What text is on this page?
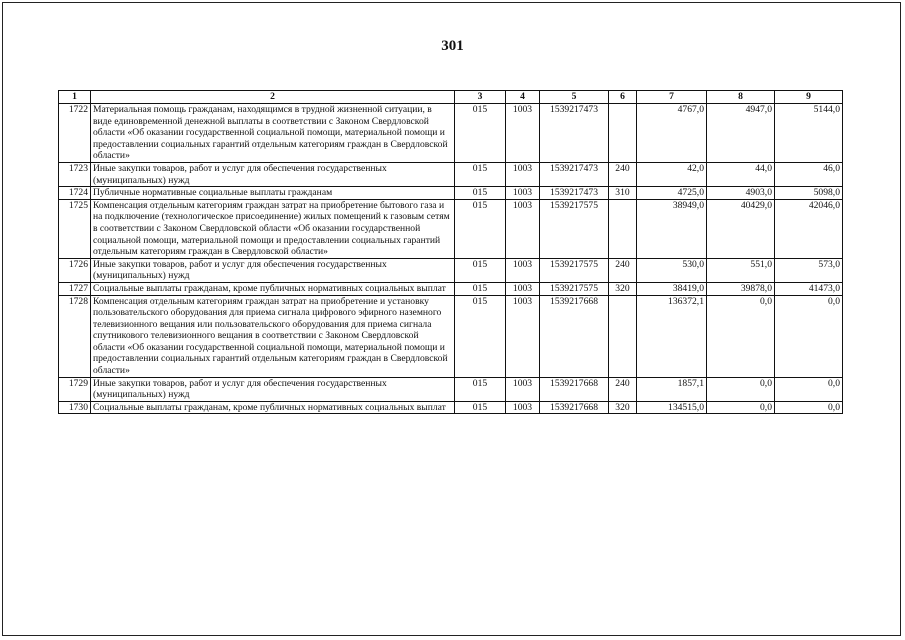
301
1	2	3	4	5	6	7	8	9
1722	Материальная помощь гражданам, находящимся в трудной жизненной ситуации, в виде единовременной денежной выплаты в соответствии с Законом Свердловской области «Об оказании государственной социальной помощи, материальной помощи и предоставлении социальных гарантий отдельным категориям граждан в Свердловской области»	015	1003	1539217473		4767,0	4947,0	5144,0
1723	Иные закупки товаров, работ и услуг для обеспечения государственных (муниципальных) нужд	015	1003	1539217473	240	42,0	44,0	46,0
1724	Публичные нормативные социальные выплаты гражданам	015	1003	1539217473	310	4725,0	4903,0	5098,0
1725	Компенсация отдельным категориям граждан затрат на приобретение бытового газа и на подключение (технологическое присоединение) жилых помещений к газовым сетям в соответствии с Законом Свердловской области «Об оказании государственной социальной помощи, материальной помощи и предоставлении социальных гарантий отдельным категориям граждан в Свердловской области»	015	1003	1539217575		38949,0	40429,0	42046,0
1726	Иные закупки товаров, работ и услуг для обеспечения государственных (муниципальных) нужд	015	1003	1539217575	240	530,0	551,0	573,0
1727	Социальные выплаты гражданам, кроме публичных нормативных социальных выплат	015	1003	1539217575	320	38419,0	39878,0	41473,0
1728	Компенсация отдельным категориям граждан затрат на приобретение и установку пользовательского оборудования для приема сигнала цифрового эфирного наземного телевизионного вещания или пользовательского оборудования для приема сигнала спутникового телевизионного вещания в соответствии с Законом Свердловской области «Об оказании государственной социальной помощи, материальной помощи и предоставлении социальных гарантий отдельным категориям граждан в Свердловской области»	015	1003	1539217668		136372,1	0,0	0,0
1729	Иные закупки товаров, работ и услуг для обеспечения государственных (муниципальных) нужд	015	1003	1539217668	240	1857,1	0,0	0,0
1730	Социальные выплаты гражданам, кроме публичных нормативных социальных выплат	015	1003	1539217668	320	134515,0	0,0	0,0
